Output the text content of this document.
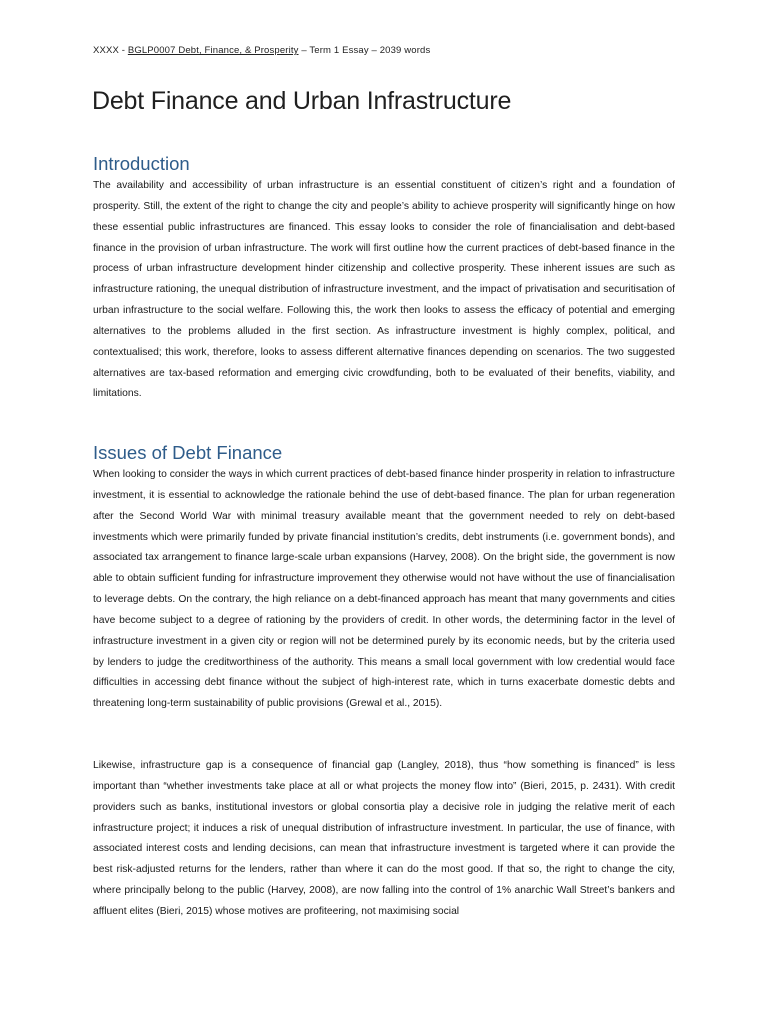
XXXX - BGLP0007 Debt, Finance, & Prosperity – Term 1 Essay – 2039 words
Debt Finance and Urban Infrastructure
Introduction

The availability and accessibility of urban infrastructure is an essential constituent of citizen’s right and a foundation of prosperity. Still, the extent of the right to change the city and people’s ability to achieve prosperity will significantly hinge on how these essential public infrastructures are financed. This essay looks to consider the role of financialisation and debt-based finance in the provision of urban infrastructure. The work will first outline how the current practices of debt-based finance in the process of urban infrastructure development hinder citizenship and collective prosperity. These inherent issues are such as infrastructure rationing, the unequal distribution of infrastructure investment, and the impact of privatisation and securitisation of urban infrastructure to the social welfare. Following this, the work then looks to assess the efficacy of potential and emerging alternatives to the problems alluded in the first section. As infrastructure investment is highly complex, political, and contextualised; this work, therefore, looks to assess different alternative finances depending on scenarios. The two suggested alternatives are tax-based reformation and emerging civic crowdfunding, both to be evaluated of their benefits, viability, and limitations.

Issues of Debt Finance

When looking to consider the ways in which current practices of debt-based finance hinder prosperity in relation to infrastructure investment, it is essential to acknowledge the rationale behind the use of debt-based finance. The plan for urban regeneration after the Second World War with minimal treasury available meant that the government needed to rely on debt-based investments which were primarily funded by private financial institution’s credits, debt instruments (i.e. government bonds), and associated tax arrangement to finance large-scale urban expansions (Harvey, 2008). On the bright side, the government is now able to obtain sufficient funding for infrastructure improvement they otherwise would not have without the use of financialisation to leverage debts. On the contrary, the high reliance on a debt-financed approach has meant that many governments and cities have become subject to a degree of rationing by the providers of credit. In other words, the determining factor in the level of infrastructure investment in a given city or region will not be determined purely by its economic needs, but by the criteria used by lenders to judge the creditworthiness of the authority. This means a small local government with low credential would face difficulties in accessing debt finance without the subject of high-interest rate, which in turns exacerbate domestic debts and threatening long-term sustainability of public provisions (Grewal et al., 2015).

Likewise, infrastructure gap is a consequence of financial gap (Langley, 2018), thus “how something is financed” is less important than “whether investments take place at all or what projects the money flow into” (Bieri, 2015, p. 2431). With credit providers such as banks, institutional investors or global consortia play a decisive role in judging the relative merit of each infrastructure project; it induces a risk of unequal distribution of infrastructure investment. In particular, the use of finance, with associated interest costs and lending decisions, can mean that infrastructure investment is targeted where it can provide the best risk-adjusted returns for the lenders, rather than where it can do the most good. If that so, the right to change the city, where principally belong to the public (Harvey, 2008), are now falling into the control of 1% anarchic Wall Street’s bankers and affluent elites (Bieri, 2015) whose motives are profiteering, not maximising social
